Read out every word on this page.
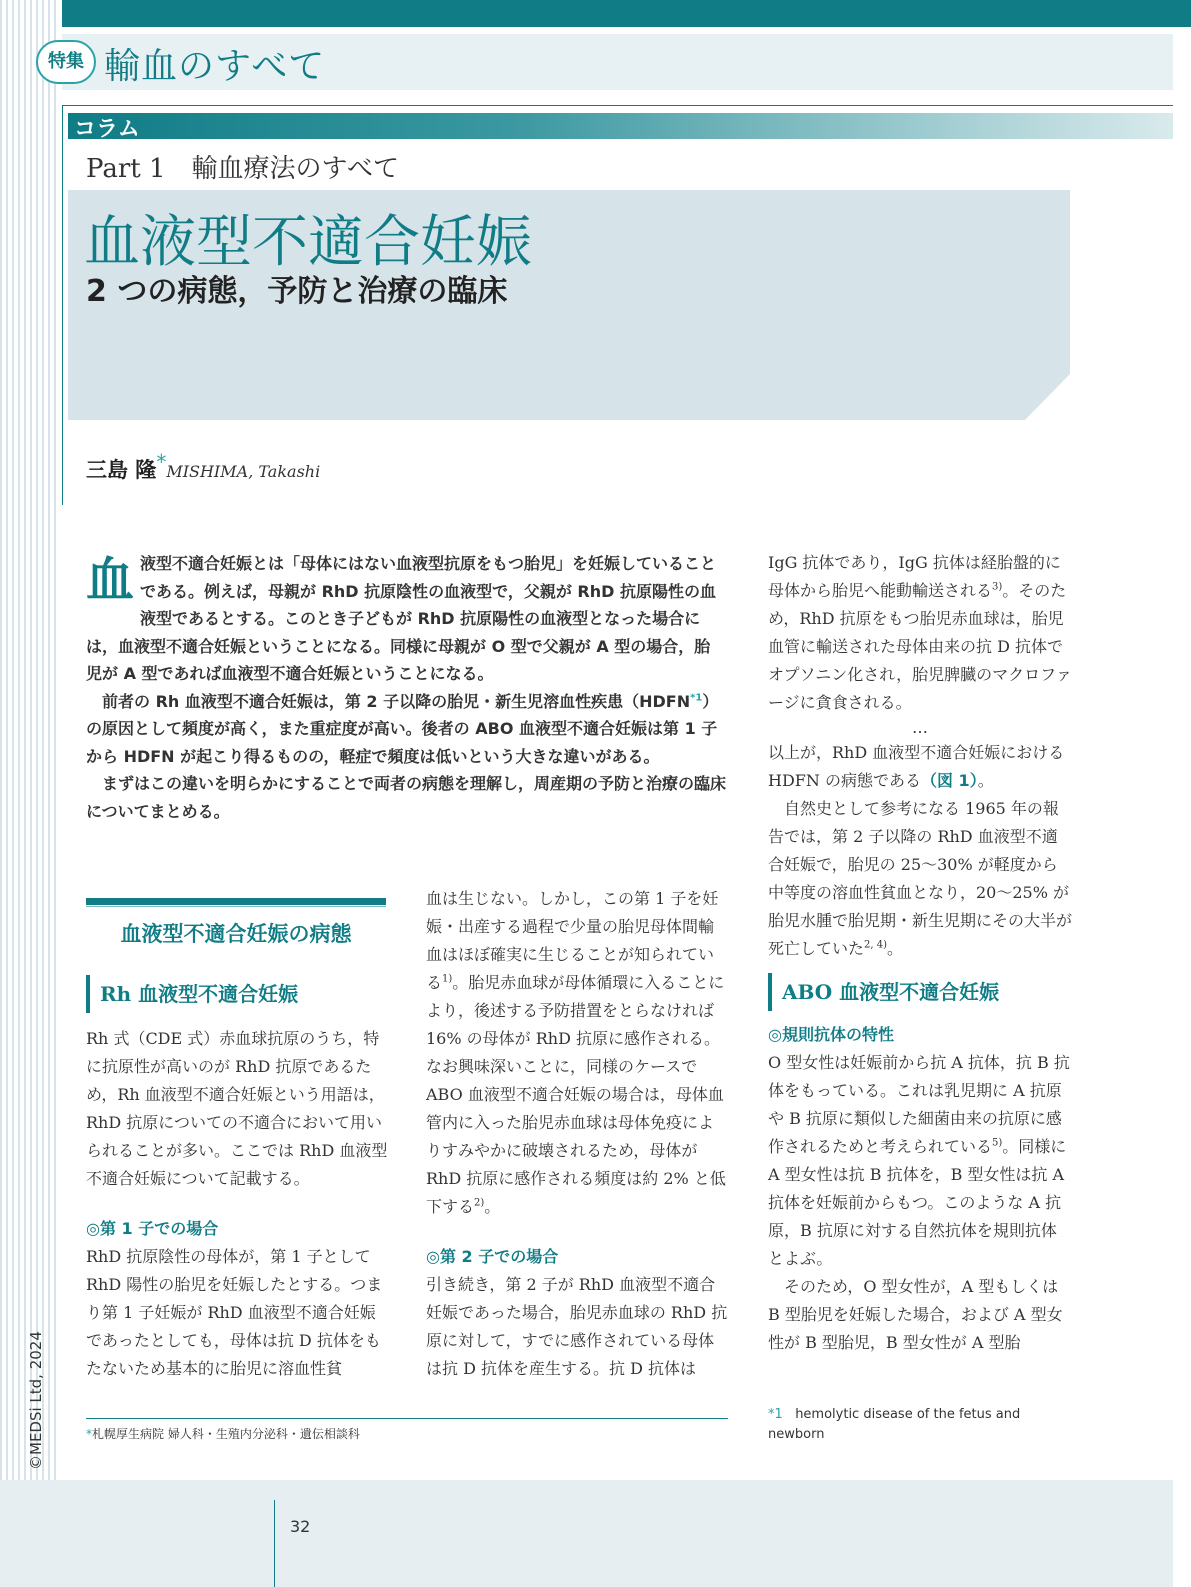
特集 輸血のすべて
コラム
Part 1　輸血療法のすべて
血液型不適合妊娠
2 つの病態，予防と治療の臨床
三島 隆*MISHIMA, Takashi

血液型不適合妊娠とは「母体にはない血液型抗原をもつ胎児」を妊娠していることである。例えば，母親が RhD 抗原陰性の血液型で，父親が RhD 抗原陽性の血液型であるとする。このとき子どもが RhD 抗原陽性の血液型となった場合には，血液型不適合妊娠ということになる。同様に母親が O 型で父親が A 型の場合，胎児が A 型であれば血液型不適合妊娠ということになる。

前者の Rh 血液型不適合妊娠は，第 2 子以降の胎児・新生児溶血性疾患（HDFN$^{*1}$）の原因として頻度が高く，また重症度が高い。後者の ABO 血液型不適合妊娠は第 1 子から HDFN が起こり得るものの，軽症で頻度は低いという大きな違いがある。

まずはこの違いを明らかにすることで両者の病態を理解し，周産期の予防と治療の臨床についてまとめる。

血液型不適合妊娠の病態
Rh 血液型不適合妊娠

Rh 式（CDE 式）赤血球抗原のうち，特に抗原性が高いのが RhD 抗原であるため，Rh 血液型不適合妊娠という用語は，RhD 抗原についての不適合において用いられることが多い。ここでは RhD 血液型不適合妊娠について記載する。

◎第 1 子での場合

RhD 抗原陰性の母体が，第 1 子として RhD 陽性の胎児を妊娠したとする。つまり第 1 子妊娠が RhD 血液型不適合妊娠であったとしても，母体は抗 D 抗体をもたないため基本的に胎児に溶血性貧

血は生じない。しかし，この第 1 子を妊娠・出産する過程で少量の胎児母体間輸血はほぼ確実に生じることが知られている$^{1)}$。胎児赤血球が母体循環に入ることにより，後述する予防措置をとらなければ 16% の母体が RhD 抗原に感作される。なお興味深いことに，同様のケースで ABO 血液型不適合妊娠の場合は，母体血管内に入った胎児赤血球は母体免疫によりすみやかに破壊されるため，母体が RhD 抗原に感作される頻度は約 2% と低下する$^{2)}$。

◎第 2 子での場合

引き続き，第 2 子が RhD 血液型不適合妊娠であった場合，胎児赤血球の RhD 抗原に対して，すでに感作されている母体は抗 D 抗体を産生する。抗 D 抗体は

IgG 抗体であり，IgG 抗体は経胎盤的に母体から胎児へ能動輸送される$^{3)}$。そのため，RhD 抗原をもつ胎児赤血球は，胎児血管に輸送された母体由来の抗 D 抗体でオプソニン化され，胎児脾臓のマクロファージに貪食される。

…

以上が，RhD 血液型不適合妊娠における HDFN の病態である（図 1）。

自然史として参考になる 1965 年の報告では，第 2 子以降の RhD 血液型不適合妊娠で，胎児の 25〜30% が軽度から中等度の溶血性貧血となり，20〜25% が胎児水腫で胎児期・新生児期にその大半が死亡していた$^{2, 4)}$。

ABO 血液型不適合妊娠

◎規則抗体の特性

O 型女性は妊娠前から抗 A 抗体，抗 B 抗体をもっている。これは乳児期に A 抗原や B 抗原に類似した細菌由来の抗原に感作されるためと考えられている$^{5)}$。同様に A 型女性は抗 B 抗体を，B 型女性は抗 A 抗体を妊娠前からもつ。このような A 抗原，B 抗原に対する自然抗体を規則抗体とよぶ。

そのため，O 型女性が，A 型もしくは B 型胎児を妊娠した場合，および A 型女性が B 型胎児，B 型女性が A 型胎

*札幌厚生病院 婦人科・生殖内分泌科・遺伝相談科
*1 hemolytic disease of the fetus and newborn
32
©MEDSi Ltd, 2024
